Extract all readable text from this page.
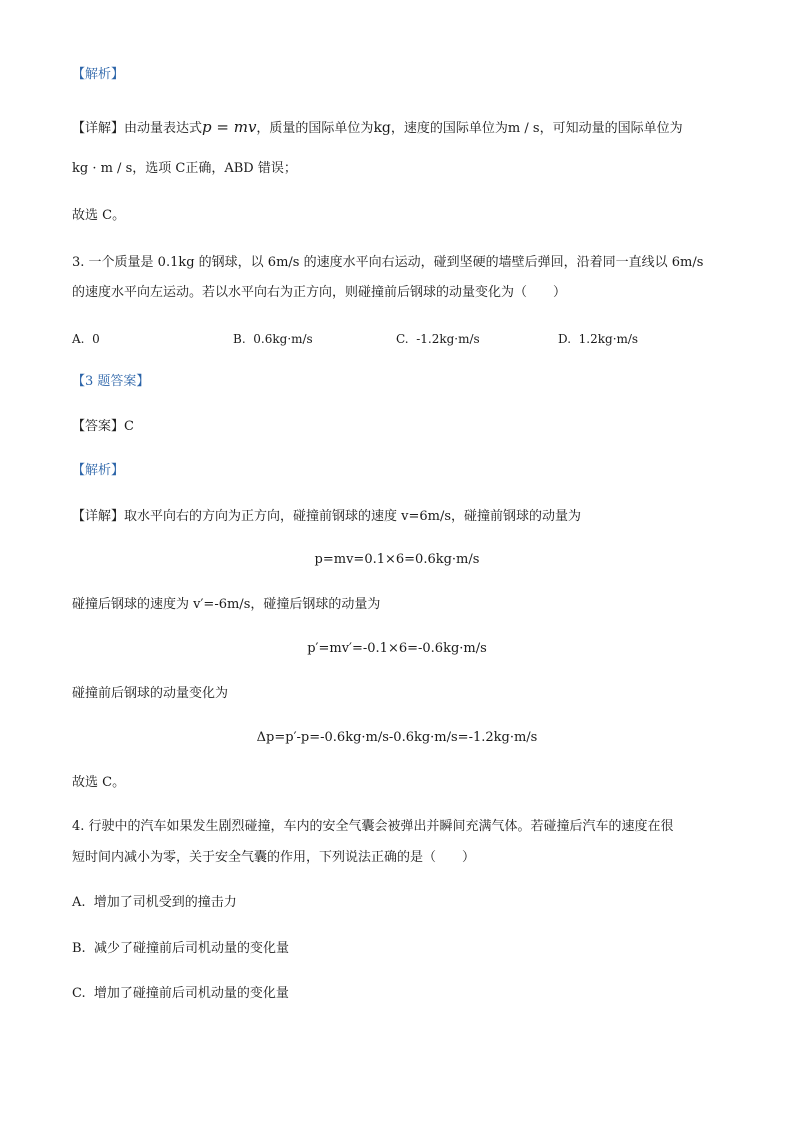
【解析】
【详解】由动量表达式p = mv，质量的国际单位为kg，速度的国际单位为m / s，可知动量的国际单位为
kg · m / s，选项 C正确，ABD 错误；
故选 C。
3. 一个质量是 0.1kg 的钢球，以 6m/s 的速度水平向右运动，碰到坚硬的墙壁后弹回，沿着同一直线以 6m/s
的速度水平向左运动。若以水平向右为正方向，则碰撞前后钢球的动量变化为（　　）
A. 0	B. 0.6kg·m/s	C. -1.2kg·m/s	D. 1.2kg·m/s
【3 题答案】
【答案】C
【解析】
【详解】取水平向右的方向为正方向，碰撞前钢球的速度 v=6m/s，碰撞前钢球的动量为
p=mv=0.1×6=0.6kg·m/s
碰撞后钢球的速度为 v′=-6m/s，碰撞后钢球的动量为
p′=mv′=-0.1×6=-0.6kg·m/s
碰撞前后钢球的动量变化为
Δp=p′-p=-0.6kg·m/s-0.6kg·m/s=-1.2kg·m/s
故选 C。
4. 行驶中的汽车如果发生剧烈碰撞，车内的安全气囊会被弹出并瞬间充满气体。若碰撞后汽车的速度在很
短时间内减小为零，关于安全气囊的作用，下列说法正确的是（　　）
A. 增加了司机受到的撞击力
B. 减少了碰撞前后司机动量的变化量
C. 增加了碰撞前后司机动量的变化量
